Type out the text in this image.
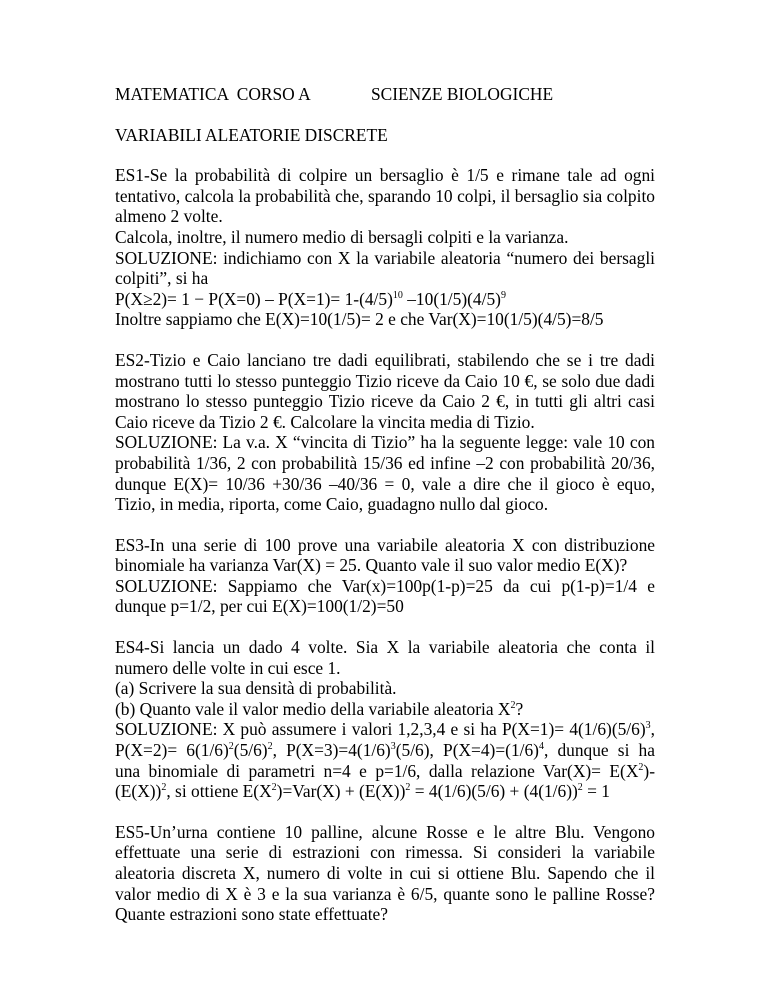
MATEMATICA  CORSO A	SCIENZE BIOLOGICHE

VARIABILI ALEATORIE DISCRETE

ES1-Se la probabilità di colpire un bersaglio è 1/5 e rimane tale ad ogni tentativo, calcola la probabilità che, sparando 10 colpi, il bersaglio sia colpito almeno 2 volte.

Calcola, inoltre, il numero medio di bersagli colpiti e la varianza.

SOLUZIONE: indichiamo con X la variabile aleatoria “numero dei bersagli colpiti”, si ha

$P(X\ge 2)= 1 - P(X=0) - P(X=1)= 1-(4/5)^{10}$ $-10(1/5)(4/5)^9$

Inoltre sappiamo che E(X)=10(1/5)= 2 e che Var(X)=10(1/5)(4/5)=8/5

ES2-Tizio e Caio lanciano tre dadi equilibrati, stabilendo che se i tre dadi mostrano tutti lo stesso punteggio Tizio riceve da Caio 10 €, se solo due dadi mostrano lo stesso punteggio Tizio riceve da Caio 2 €, in tutti gli altri casi Caio riceve da Tizio 2 €. Calcolare la vincita media di Tizio.

SOLUZIONE: La v.a. X “vincita di Tizio” ha la seguente legge: vale 10 con probabilità 1/36, 2 con probabilità 15/36 ed infine –2 con probabilità 20/36, dunque E(X)= 10/36 +30/36 –40/36 = 0, vale a dire che il gioco è equo, Tizio, in media, riporta, come Caio, guadagno nullo dal gioco.

ES3-In una serie di 100 prove una variabile aleatoria X con distribuzione binomiale ha varianza Var(X) = 25. Quanto vale il suo valor medio E(X)?

SOLUZIONE: Sappiamo che Var(x)=100p(1-p)=25 da cui p(1-p)=1/4 e dunque p=1/2, per cui E(X)=100(1/2)=50

ES4-Si lancia un dado 4 volte. Sia X la variabile aleatoria che conta il numero delle volte in cui esce 1.

(a) Scrivere la sua densità di probabilità.

(b) Quanto vale il valor medio della variabile aleatoria $X^2$?

SOLUZIONE: X può assumere i valori 1,2,3,4 e si ha $P(X=1)= 4(1/6)(5/6)^3$, $P(X=2)= 6(1/6)^2(5/6)^2$, $P(X=3)=4(1/6)^3(5/6)$, $P(X=4)=(1/6)^4$, dunque si ha una binomiale di parametri n=4 e p=1/6, dalla relazione $Var(X)= E(X^2)-(E(X))^2$, si ottiene $E(X^2)=Var(X) + (E(X))^2 = 4(1/6)(5/6) + (4(1/6))^2 = 1$

ES5-Un’urna contiene 10 palline, alcune Rosse e le altre Blu. Vengono effettuate una serie di estrazioni con rimessa. Si consideri la variabile aleatoria discreta X, numero di volte in cui si ottiene Blu. Sapendo che il valor medio di X è 3 e la sua varianza è 6/5, quante sono le palline Rosse? Quante estrazioni sono state effettuate?
